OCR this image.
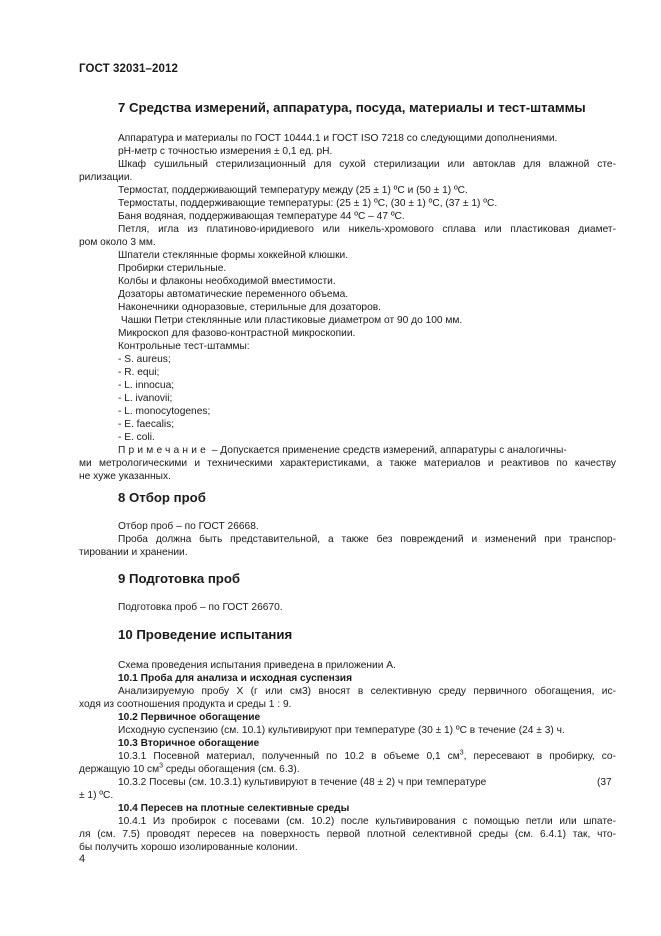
ГОСТ 32031–2012
7 Средства измерений, аппаратура, посуда, материалы и тест-штаммы
Аппаратура и материалы по ГОСТ 10444.1 и ГОСТ ISO 7218 со следующими дополнениями.
pH-метр с точностью измерения ± 0,1 ед. pH.
Шкаф сушильный стерилизационный для сухой стерилизации или автоклав для влажной сте-
рилизации.
Термостат, поддерживающий температуру между (25 ± 1) ºC и (50 ± 1) ºC.
Термостаты, поддерживающие температуры: (25 ± 1) ºC, (30 ± 1) ºC, (37 ± 1) ºC.
Баня водяная, поддерживающая температуре 44 ºC – 47 ºC.
Петля, игла из платиново-иридиевого или никель-хромового сплава или пластиковая диамет-
ром около 3 мм.
Шпатели стеклянные формы хоккейной клюшки.
Пробирки стерильные.
Колбы и флаконы необходимой вместимости.
Дозаторы автоматические переменного объема.
Наконечники одноразовые, стерильные для дозаторов.
Чашки Петри стеклянные или пластиковые диаметром от 90 до 100 мм.
Микроскоп для фазово-контрастной микроскопии.
Контрольные тест-штаммы:
- S. aureus;
- R. equi;
- L. innocua;
- L. ivanovii;
- L. monocytogenes;
- E. faecalis;
- E. coli.
Примечание – Допускается применение средств измерений, аппаратуры с аналогичны-
ми метрологическими и техническими характеристиками, а также материалов и реактивов по качеству
не хуже указанных.
8 Отбор проб
Отбор проб – по ГОСТ 26668.
Проба должна быть представительной, а также без повреждений и изменений при транспор-
тировании и хранении.
9 Подготовка проб
Подготовка проб – по ГОСТ 26670.
10 Проведение испытания
Схема проведения испытания приведена в приложении А.
10.1 Проба для анализа и исходная суспензия
Анализируемую пробу Х (г или см3) вносят в селективную среду первичного обогащения, ис-
ходя из соотношения продукта и среды 1 : 9.
10.2 Первичное обогащение
Исходную суспензию (см. 10.1) культивируют при температуре (30 ± 1) ºC в течение (24 ± 3) ч.
10.3 Вторичное обогащение
10.3.1 Посевной материал, полученный по 10.2 в объеме 0,1 $см^3$, пересевают в пробирку, со-
держащую 10 $см^3$ среды обогащения (см. 6.3).
10.3.2 Посевы (см. 10.3.1) культивируют в течение (48 ± 2) ч при температуре	(37
± 1) ºC.
10.4 Пересев на плотные селективные среды
10.4.1 Из пробирок с посевами (см. 10.2) после культивирования с помощью петли или шпате-
ля (см. 7.5) проводят пересев на поверхность первой плотной селективной среды (см. 6.4.1) так, что-
бы получить хорошо изолированные колонии.
4
